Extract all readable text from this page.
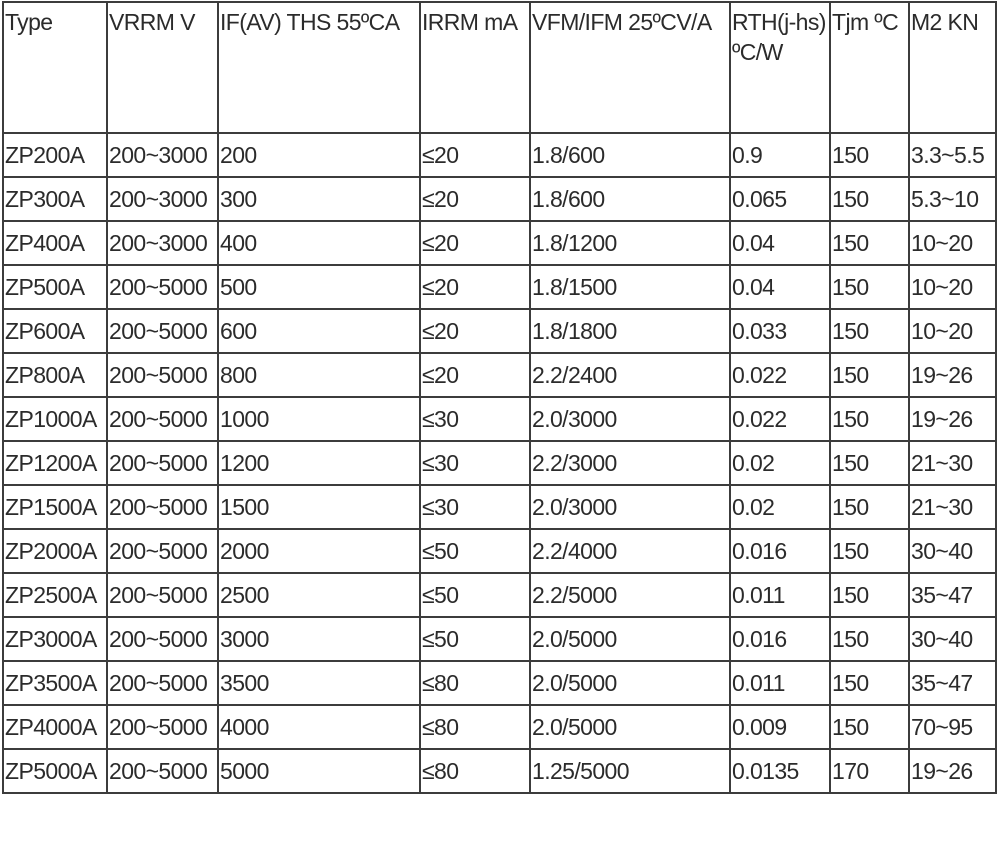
Type	VRRM V	IF(AV) THS 55ºCA	IRRM mA	VFM/IFM 25ºCV/A	RTH(j-hs) ºC/W	Tjm ºC	M2 KN
ZP200A	200~3000	200	≤20	1.8/600	0.9	150	3.3~5.5
ZP300A	200~3000	300	≤20	1.8/600	0.065	150	5.3~10
ZP400A	200~3000	400	≤20	1.8/1200	0.04	150	10~20
ZP500A	200~5000	500	≤20	1.8/1500	0.04	150	10~20
ZP600A	200~5000	600	≤20	1.8/1800	0.033	150	10~20
ZP800A	200~5000	800	≤20	2.2/2400	0.022	150	19~26
ZP1000A	200~5000	1000	≤30	2.0/3000	0.022	150	19~26
ZP1200A	200~5000	1200	≤30	2.2/3000	0.02	150	21~30
ZP1500A	200~5000	1500	≤30	2.0/3000	0.02	150	21~30
ZP2000A	200~5000	2000	≤50	2.2/4000	0.016	150	30~40
ZP2500A	200~5000	2500	≤50	2.2/5000	0.011	150	35~47
ZP3000A	200~5000	3000	≤50	2.0/5000	0.016	150	30~40
ZP3500A	200~5000	3500	≤80	2.0/5000	0.011	150	35~47
ZP4000A	200~5000	4000	≤80	2.0/5000	0.009	150	70~95
ZP5000A	200~5000	5000	≤80	1.25/5000	0.0135	170	19~26
